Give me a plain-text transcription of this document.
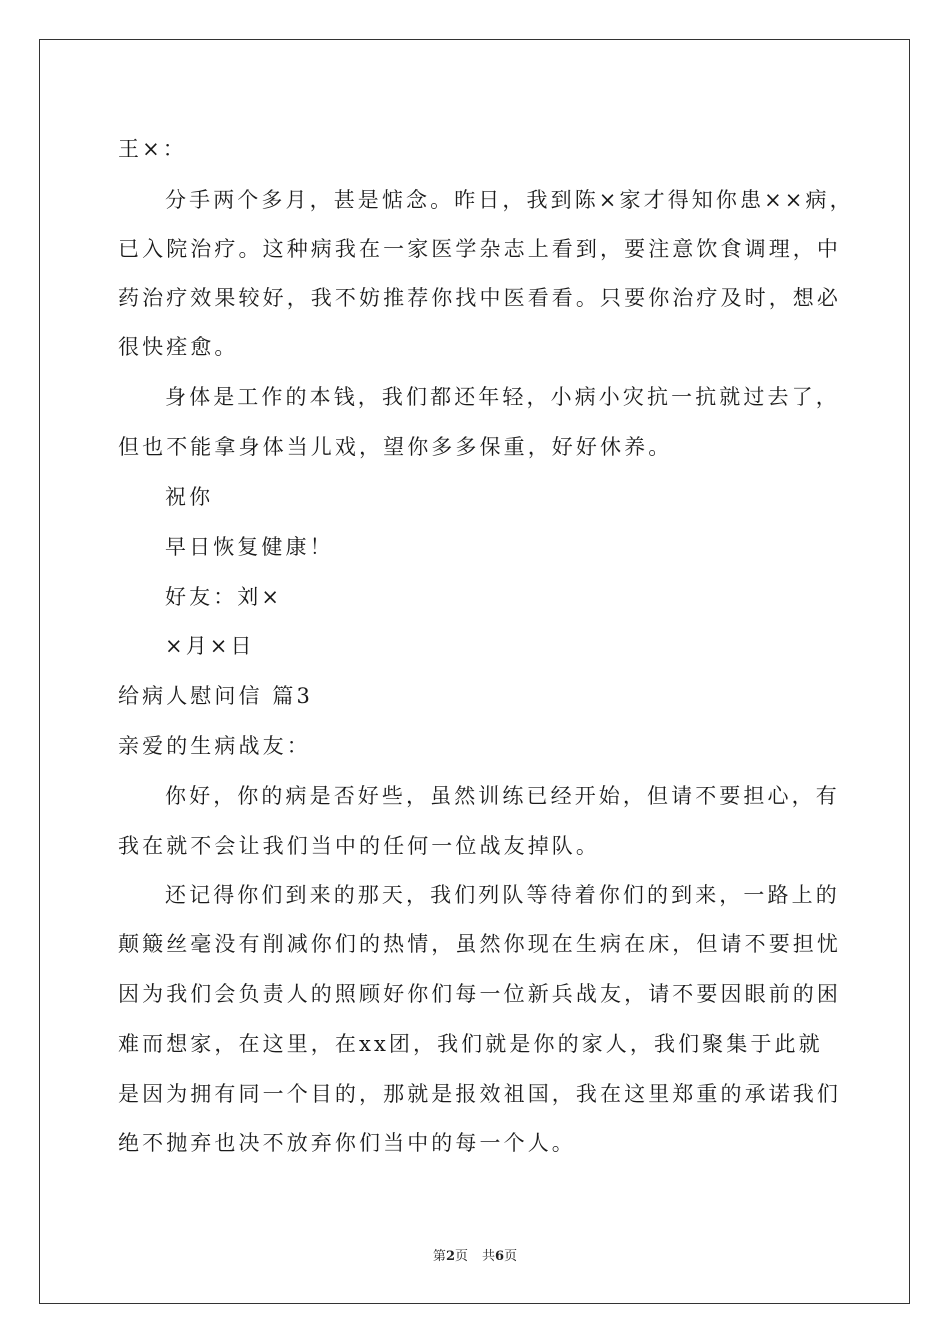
王×：
分手两个多月，甚是惦念。昨日，我到陈×家才得知你患××病，
已入院治疗。这种病我在一家医学杂志上看到，要注意饮食调理，中
药治疗效果较好，我不妨推荐你找中医看看。只要你治疗及时，想必
很快痊愈。
身体是工作的本钱，我们都还年轻，小病小灾抗一抗就过去了，
但也不能拿身体当儿戏，望你多多保重，好好休养。
祝你
早日恢复健康！
好友：刘×
×月×日
给病人慰问信 篇3
亲爱的生病战友：
你好，你的病是否好些，虽然训练已经开始，但请不要担心，有
我在就不会让我们当中的任何一位战友掉队。
还记得你们到来的那天，我们列队等待着你们的到来，一路上的
颠簸丝毫没有削减你们的热情，虽然你现在生病在床，但请不要担忧
因为我们会负责人的照顾好你们每一位新兵战友，请不要因眼前的困
难而想家，在这里，在xx团，我们就是你的家人，我们聚集于此就
是因为拥有同一个目的，那就是报效祖国，我在这里郑重的承诺我们
绝不抛弃也决不放弃你们当中的每一个人。
第2页 共6页
